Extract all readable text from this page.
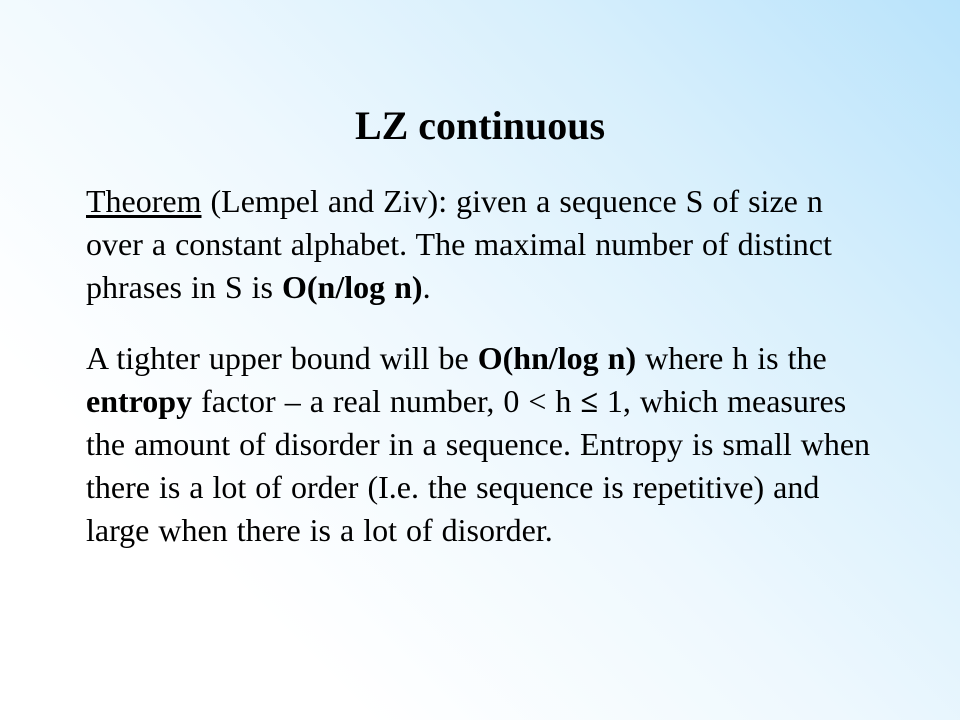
LZ continuous
Theorem (Lempel and Ziv): given a sequence S of size n over a constant alphabet. The maximal number of distinct phrases in S is O(n/log n).
A tighter upper bound will be O(hn/log n) where h is the entropy factor – a real number, 0 < h ≤ 1, which measures the amount of disorder in a sequence. Entropy is small when there is a lot of order (I.e. the sequence is repetitive) and large when there is a lot of disorder.
